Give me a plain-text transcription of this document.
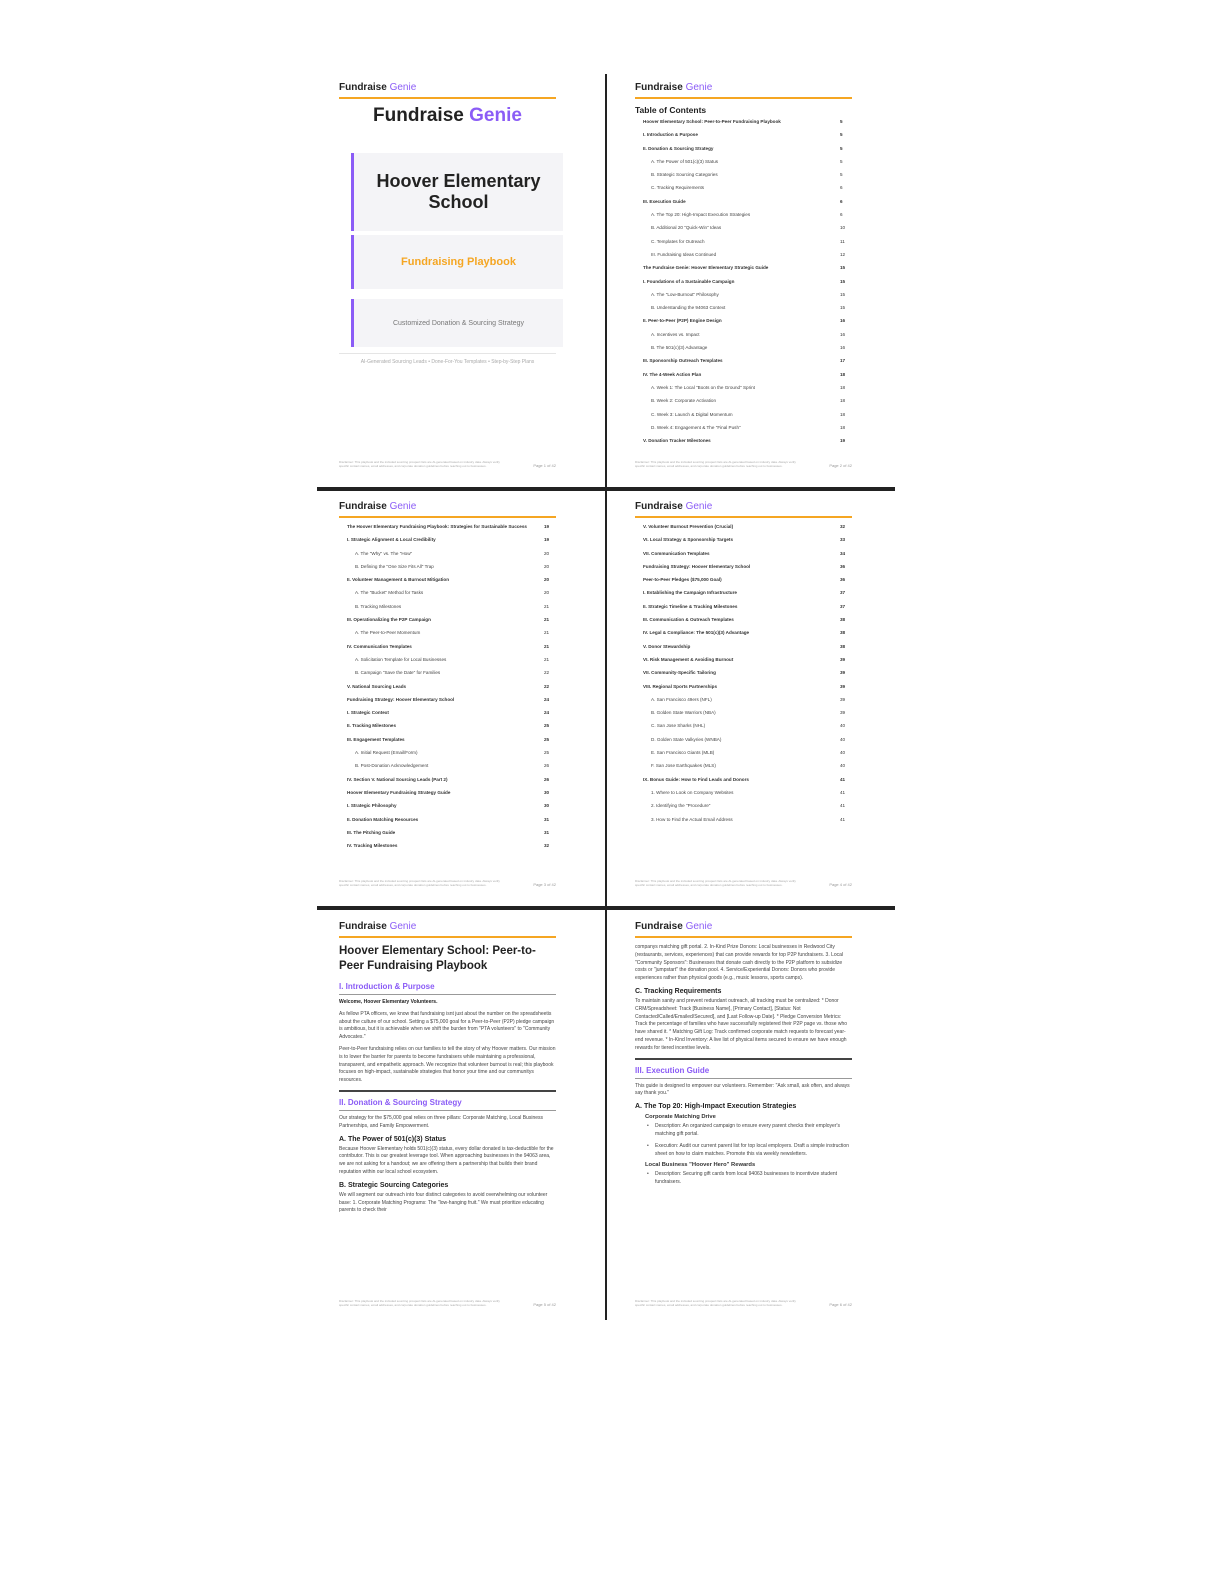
Fundraise Genie
Fundraise Genie
Hoover Elementary School
Fundraising Playbook
Customized Donation & Sourcing Strategy
AI-Generated Sourcing Leads • Done-For-You Templates • Step-by-Step Plans
Disclaimer: This playbook and the included sourcing prospect lists are AI-generated based on industry data. Always verify specific contact names, email addresses, and corporate donation guidelines before reaching out to businesses.	Page 1 of 42
Fundraise Genie
Table of Contents
Hoover Elementary School: Peer-to-Peer Fundraising Playbook	5
I. Introduction & Purpose	5
II. Donation & Sourcing Strategy	5
A. The Power of 501(c)(3) Status	5
B. Strategic Sourcing Categories	5
C. Tracking Requirements	6
III. Execution Guide	6
A. The Top 20: High-Impact Execution Strategies	6
B. Additional 20 "Quick-Win" Ideas	10
C. Templates for Outreach	11
III. Fundraising Ideas Continued	12
The Fundraise Genie: Hoover Elementary Strategic Guide	15
I. Foundations of a Sustainable Campaign	15
A. The "Low-Burnout" Philosophy	15
B. Understanding the 94063 Context	15
II. Peer-to-Peer (P2P) Engine Design	16
A. Incentives vs. Impact	16
B. The 501(c)(3) Advantage	16
III. Sponsorship Outreach Templates	17
IV. The 4-Week Action Plan	18
A. Week 1: The Local "Boots on the Ground" Sprint	18
B. Week 2: Corporate Activation	18
C. Week 3: Launch & Digital Momentum	18
D. Week 4: Engagement & The "Final Push"	18
V. Donation Tracker Milestones	19
Disclaimer: This playbook and the included sourcing prospect lists are AI-generated based on industry data. Always verify specific contact names, email addresses, and corporate donation guidelines before reaching out to businesses.	Page 2 of 42
Fundraise Genie
The Hoover Elementary Fundraising Playbook: Strategies for Sustainable Success	19
I. Strategic Alignment & Local Credibility	19
A. The "Why" vs. The "How"	20
B. Defining the "One Size Fits All" Trap	20
II. Volunteer Management & Burnout Mitigation	20
A. The "Bucket" Method for Tasks	20
B. Tracking Milestones	21
III. Operationalizing the P2P Campaign	21
A. The Peer-to-Peer Momentum	21
IV. Communication Templates	21
A. Solicitation Template for Local Businesses	21
B. Campaign "Save the Date" for Families	22
V. National Sourcing Leads	22
Fundraising Strategy: Hoover Elementary School	24
I. Strategic Context	24
II. Tracking Milestones	25
III. Engagement Templates	25
A. Initial Request (Email/Form)	25
B. Post-Donation Acknowledgement	26
IV. Section V. National Sourcing Leads (Part 2)	26
Hoover Elementary Fundraising Strategy Guide	30
I. Strategic Philosophy	30
II. Donation Matching Resources	31
III. The Pitching Guide	31
IV. Tracking Milestones	32
Disclaimer: This playbook and the included sourcing prospect lists are AI-generated based on industry data. Always verify specific contact names, email addresses, and corporate donation guidelines before reaching out to businesses.	Page 3 of 42
Fundraise Genie
V. Volunteer Burnout Prevention (Crucial)	32
VI. Local Strategy & Sponsorship Targets	33
VII. Communication Templates	34
Fundraising Strategy: Hoover Elementary School	36
Peer-to-Peer Pledges ($75,000 Goal)	36
I. Establishing the Campaign Infrastructure	37
II. Strategic Timeline & Tracking Milestones	37
III. Communication & Outreach Templates	38
IV. Legal & Compliance: The 501(c)(3) Advantage	38
V. Donor Stewardship	38
VI. Risk Management & Avoiding Burnout	39
VII. Community-Specific Tailoring	39
VIII. Regional Sports Partnerships	39
A. San Francisco 49ers (NFL)	39
B. Golden State Warriors (NBA)	39
C. San Jose Sharks (NHL)	40
D. Golden State Valkyries (WNBA)	40
E. San Francisco Giants (MLB)	40
F. San Jose Earthquakes (MLS)	40
IX. Bonus Guide: How to Find Leads and Donors	41
1. Where to Look on Company Websites	41
2. Identifying the "Procedure"	41
3. How to Find the Actual Email Address	41
Disclaimer: This playbook and the included sourcing prospect lists are AI-generated based on industry data. Always verify specific contact names, email addresses, and corporate donation guidelines before reaching out to businesses.	Page 4 of 42
Fundraise Genie
Hoover Elementary School: Peer-to-Peer Fundraising Playbook
I. Introduction & Purpose
Welcome, Hoover Elementary Volunteers.
As fellow PTA officers, we know that fundraising isnt just about the number on the spreadsheetis about the culture of our school. Setting a $75,000 goal for a Peer-to-Peer (P2P) pledge campaign is ambitious, but it is achievable when we shift the burden from "PTA volunteers" to "Community Advocates."
Peer-to-Peer fundraising relies on our families to tell the story of why Hoover matters. Our mission is to lower the barrier for parents to become fundraisers while maintaining a professional, transparent, and empathetic approach. We recognize that volunteer burnout is real; this playbook focuses on high-impact, sustainable strategies that honor your time and our communitys resources.
II. Donation & Sourcing Strategy
Our strategy for the $75,000 goal relies on three pillars: Corporate Matching, Local Business Partnerships, and Family Empowerment.
A. The Power of 501(c)(3) Status
Because Hoover Elementary holds 501(c)(3) status, every dollar donated is tax-deductible for the contributor. This is our greatest leverage tool. When approaching businesses in the 94063 area, we are not asking for a handout; we are offering them a partnership that builds their brand reputation within our local school ecosystem.
B. Strategic Sourcing Categories
We will segment our outreach into four distinct categories to avoid overwhelming our volunteer base: 1. Corporate Matching Programs: The "low-hanging fruit." We must prioritize educating parents to check their
Disclaimer: This playbook and the included sourcing prospect lists are AI-generated based on industry data. Always verify specific contact names, email addresses, and corporate donation guidelines before reaching out to businesses.	Page 5 of 42
Fundraise Genie
companys matching gift portal. 2. In-Kind Prize Donors: Local businesses in Redwood City (restaurants, services, experiences) that can provide rewards for top P2P fundraisers. 3. Local "Community Sponsors": Businesses that donate cash directly to the P2P platform to subsidize costs or "jumpstart" the donation pool. 4. Service/Experiential Donors: Donors who provide experiences rather than physical goods (e.g., music lessons, sports camps).
C. Tracking Requirements
To maintain sanity and prevent redundant outreach, all tracking must be centralized: * Donor CRM/Spreadsheet: Track [Business Name], [Primary Contact], [Status: Not Contacted/Called/Emailed/Secured], and [Last Follow-up Date]. * Pledge Conversion Metrics: Track the percentage of families who have successfully registered their P2P page vs. those who have shared it. * Matching Gift Log: Track confirmed corporate match requests to forecast year-end revenue. * In-Kind Inventory: A live list of physical items secured to ensure we have enough rewards for tiered incentive levels.
III. Execution Guide
This guide is designed to empower our volunteers. Remember: "Ask small, ask often, and always say thank you."
A. The Top 20: High-Impact Execution Strategies
Corporate Matching Drive
• Description: An organized campaign to ensure every parent checks their employer's matching gift portal.
• Execution: Audit our current parent list for top local employers. Draft a simple instruction sheet on how to claim matches. Promote this via weekly newsletters.
Local Business "Hoover Hero" Rewards
• Description: Securing gift cards from local 94063 businesses to incentivize student fundraisers.
Disclaimer: This playbook and the included sourcing prospect lists are AI-generated based on industry data. Always verify specific contact names, email addresses, and corporate donation guidelines before reaching out to businesses.	Page 6 of 42
